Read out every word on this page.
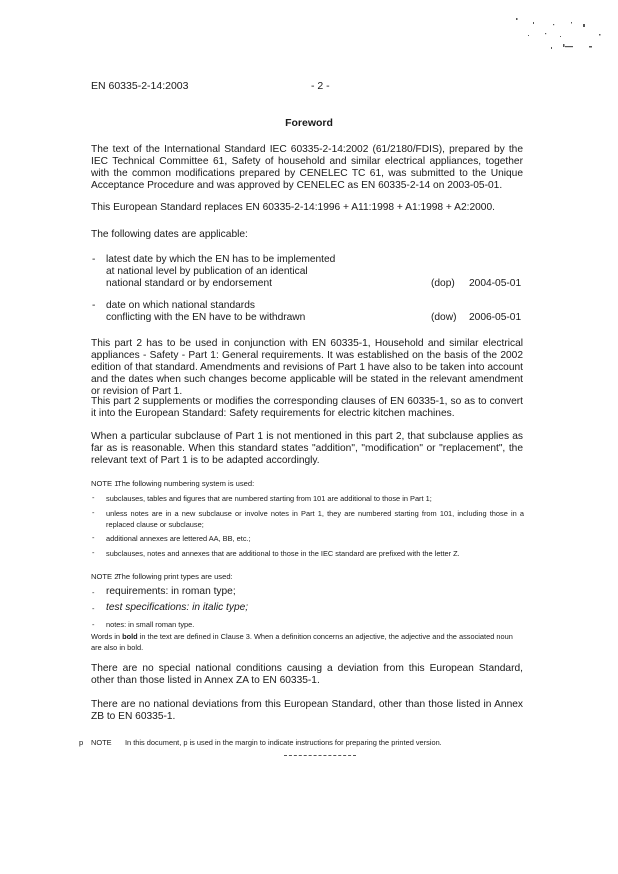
EN 60335-2-14:2003	- 2 -
Foreword

The text of the International Standard IEC 60335-2-14:2002 (61/2180/FDIS), prepared by the IEC Technical Committee 61, Safety of household and similar electrical appliances, together with the common modifications prepared by CENELEC TC 61, was submitted to the Unique Acceptance Procedure and was approved by CENELEC as EN 60335-2-14 on 2003-05-01.

This European Standard replaces EN 60335-2-14:1996 + A11:1998 + A1:1998 + A2:2000.

The following dates are applicable:

- latest date by which the EN has to be implemented
at national level by publication of an identical
national standard or by endorsement	(dop) 2004-05-01
- date on which national standards
conflicting with the EN have to be withdrawn	(dow) 2006-05-01

This part 2 has to be used in conjunction with EN 60335-1, Household and similar electrical appliances - Safety - Part 1: General requirements. It was established on the basis of the 2002 edition of that standard. Amendments and revisions of Part 1 have also to be taken into account and the dates when such changes become applicable will be stated in the relevant amendment or revision of Part 1.

This part 2 supplements or modifies the corresponding clauses of EN 60335-1, so as to convert it into the European Standard: Safety requirements for electric kitchen machines.

When a particular subclause of Part 1 is not mentioned in this part 2, that subclause applies as far as is reasonable. When this standard states "addition", "modification" or "replacement", the relevant text of Part 1 is to be adapted accordingly.

NOTE 1
The following numbering system is used:
- subclauses, tables and figures that are numbered starting from 101 are additional to those in Part 1;

- unless notes are in a new subclause or involve notes in Part 1, they are numbered starting from 101, including those in a replaced clause or subclause;

- additional annexes are lettered AA, BB, etc.;

- subclauses, notes and annexes that are additional to those in the IEC standard are prefixed with the letter Z.

NOTE 2
The following print types are used:
- requirements: in roman type;
- test specifications: in italic type;
- notes: in small roman type.

Words in bold in the text are defined in Clause 3. When a definition concerns an adjective, the adjective and the associated noun are also in bold.

There are no special national conditions causing a deviation from this European Standard, other than those listed in Annex ZA to EN 60335-1.

There are no national deviations from this European Standard, other than those listed in Annex ZB to EN 60335-1.

p NOTE In this document, p is used in the margin to indicate instructions for preparing the printed version.
